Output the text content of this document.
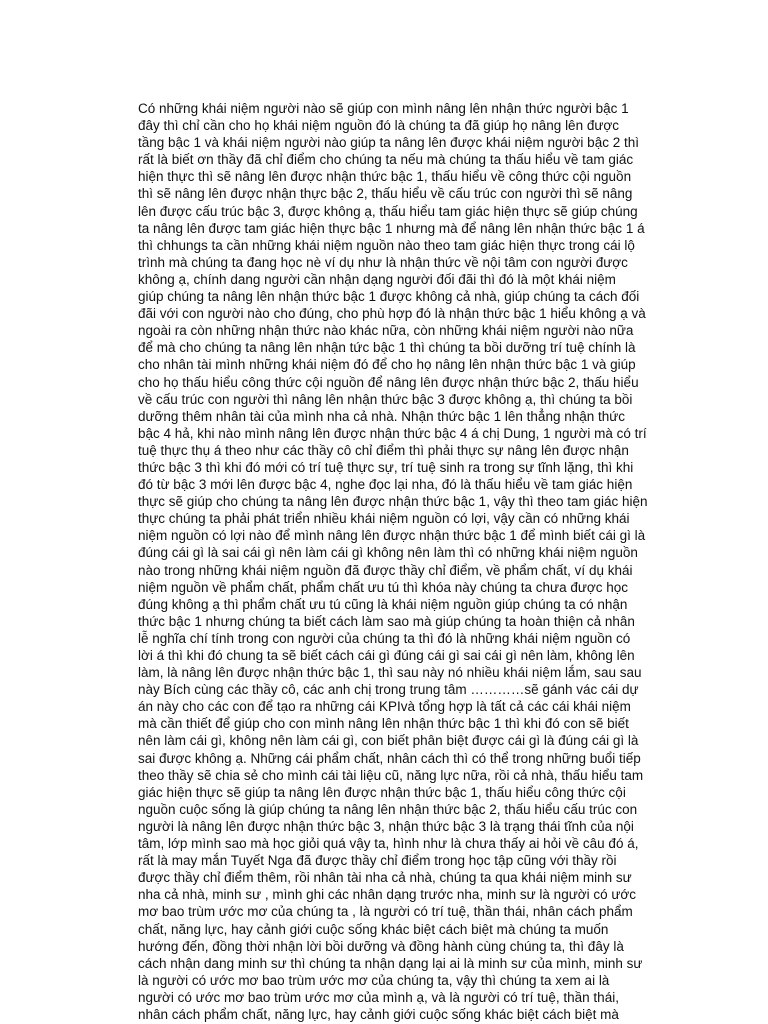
Có những khái niệm người nào sẽ giúp con mình nâng lên nhận thức người bậc 1
đây thì chỉ cần cho họ khái niệm nguồn đó là chúng ta đã giúp họ nâng lên được
tầng bậc 1 và khái niệm người nào giúp ta nâng lên được khái niệm người bậc 2 thì
rất là biết ơn thầy đã chỉ điểm cho chúng ta nếu mà chúng ta thấu hiểu về tam giác
hiện thực thì sẽ nâng lên được nhận thức bậc 1, thấu hiểu về công thức cội nguồn
thì sẽ nâng lên được nhận thực bậc 2, thấu hiểu về cấu trúc con người thì sẽ nâng
lên được cấu trúc bậc 3, được không ạ, thấu hiểu tam giác hiện thực sẽ giúp chúng
ta nâng lên được tam giác hiện thực bậc 1 nhưng mà để nâng lên nhận thức bậc 1 á
thì chhungs ta cần những khái niệm nguồn nào theo tam giác hiện thực trong cái lộ
trình mà chúng ta đang học nè ví dụ như là nhận thức về nội tâm con người được
không ạ, chính dang người cần nhận dạng người đối đãi thì đó là một khái niệm
giúp chúng ta nâng lên nhận thức bậc 1 được không cả nhà, giúp chúng ta cách đối
đãi với con người nào cho đúng, cho phù hợp đó là nhận thức bậc 1 hiểu không ạ và
ngoài ra còn những nhận thức nào khác nữa, còn những khái niệm người nào nữa
để mà cho chúng ta nâng lên nhận tức bậc 1 thì chúng ta bồi dưỡng trí tuệ chính là
cho nhân tài mình những khái niệm đó để cho họ nâng lên nhận thức bậc 1 và giúp
cho họ thấu hiểu công thức cội nguồn để nâng lên được nhận thức bậc 2, thấu hiểu
về cấu trúc con người thì nâng lên nhận thức bậc 3 được không ạ, thì chúng ta bồi
dưỡng thêm nhân tài của mình nha cả nhà. Nhận thức bậc 1 lên thẳng nhận thức
bậc 4 hả, khi nào mình nâng lên được nhận thức bậc 4 á chị Dung, 1 người mà có trí
tuệ thực thụ á theo như các thầy cô chỉ điểm thì phải thực sự nâng lên được nhận
thức bậc 3 thì khi đó mới có trí tuệ thực sự, trí tuệ sinh ra trong sự tĩnh lặng, thì khi
đó từ bậc 3 mới lên được bậc 4, nghe đọc lại nha, đó là thấu hiểu về tam giác hiện
thực sẽ giúp cho chúng ta nâng lên được nhận thức bậc 1, vậy thì theo tam giác hiện
thực chúng ta phải phát triển nhiều khái niệm nguồn có lợi, vậy cần có những khái
niệm nguồn có lợi nào để mình nâng lên được nhận thức bậc 1 để mình biết cái gì là
đúng cái gì là sai cái gì nên làm cái gì không nên làm thì có những khái niệm nguồn
nào trong những khái niệm nguồn đã được thầy chỉ điểm, về phẩm chất, ví dụ khái
niệm nguồn về phẩm chất, phẩm chất ưu tú thì khóa này chúng ta chưa được học
đúng không ạ thì phẩm chất ưu tú cũng là khái niệm nguồn giúp chúng ta có nhận
thức bậc 1 nhưng chúng ta biết cách làm sao mà giúp chúng ta hoàn thiện cả nhân
lễ nghĩa chí tính trong con người của chúng ta thì đó là những khái niệm nguồn có
lời á thì khi đó chung ta sẽ biết cách cái gì đúng cái gì sai cái gì nên làm, không lên
làm, là nâng lên được nhận thức bậc 1, thì sau này nó nhiều khái niệm lắm, sau sau
này Bích cùng các thầy cô, các anh chị trong trung tâm …………sẽ gánh vác cái dự
án này cho các con để tạo ra những cái KPIvà tổng hợp là tất cả các cái khái niệm
mà cần thiết để giúp cho con mình nâng lên nhận thức bậc 1 thì khi đó con sẽ biết
nên làm cái gì, không nên làm cái gì, con biết phân biệt được cái gì là đúng cái gì là
sai được không ạ. Những cái phẩm chất, nhân cách thì có thể trong những buổi tiếp
theo thầy sẽ chia sẻ cho mình cái tài liệu cũ, năng lực nữa, rồi cả nhà, thấu hiểu tam
giác hiện thực sẽ giúp ta nâng lên được nhận thức bậc 1, thấu hiểu công thức cội
nguồn cuộc sống là giúp chúng ta nâng lên nhận thức bậc 2, thấu hiểu cấu trúc con
người là nâng lên được nhận thức bậc 3, nhận thức bậc 3 là trạng thái tĩnh của nội
tâm, lớp mình sao mà học giỏi quá vậy ta, hình như là chưa thấy ai hỏi về câu đó á,
rất là may mắn Tuyết Nga đã được thầy chỉ điểm trong học tập cũng với thầy rồi
được thầy chỉ điểm thêm, rồi nhân tài nha cả nhà, chúng ta qua khái niệm minh sư
nha cả nhà, minh sư , mình ghi các nhân dạng trước nha, minh sư là người có ước
mơ bao trùm ước mơ của chúng ta , là người có trí tuệ, thần thái, nhân cách phẩm
chất, năng lực, hay cảnh giới cuộc sống khác biệt cách biệt mà chúng ta muốn
hướng đến, đồng thời nhận lời bồi dưỡng và đồng hành cùng chúng ta, thì đây là
cách nhận dang minh sư thì chúng ta nhận dạng lại ai là minh sư của mình, minh sư
là người có ước mơ bao trùm ước mơ của chúng ta, vậy thì chúng ta xem ai là
người có ước mơ bao trùm ước mơ của mình ạ, và là người có trí tuệ, thần thái,
nhân cách phẩm chất, năng lực, hay cảnh giới cuộc sống khác biệt cách biệt mà
